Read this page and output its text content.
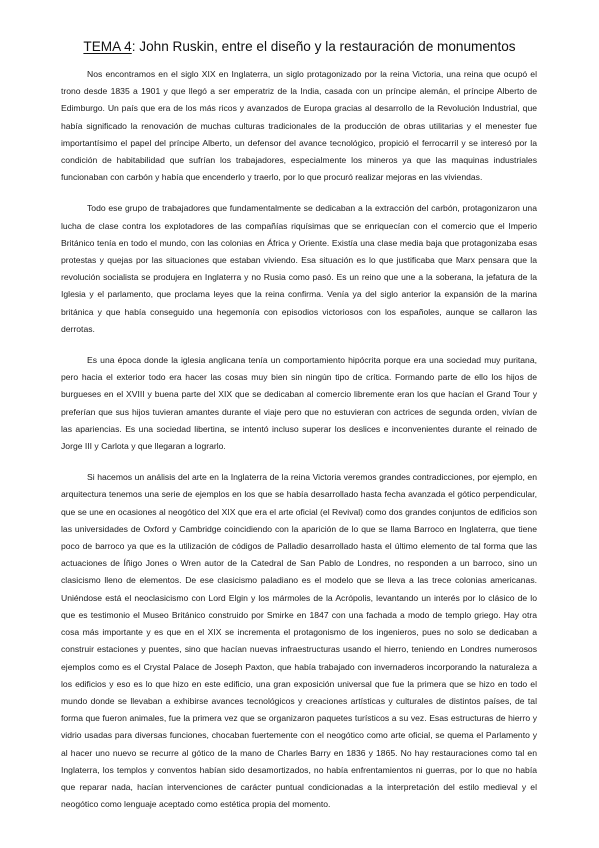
TEMA 4: John Ruskin, entre el diseño y la restauración de monumentos

Nos encontramos en el siglo XIX en Inglaterra, un siglo protagonizado por la reina Victoria, una reina que ocupó el trono desde 1835 a 1901 y que llegó a ser emperatriz de la India, casada con un príncipe alemán, el príncipe Alberto de Edimburgo. Un país que era de los más ricos y avanzados de Europa gracias al desarrollo de la Revolución Industrial, que había significado la renovación de muchas culturas tradicionales de la producción de obras utilitarias y el menester fue importantísimo el papel del príncipe Alberto, un defensor del avance tecnológico, propició el ferrocarril y se interesó por la condición de habitabilidad que sufrían los trabajadores, especialmente los mineros ya que las maquinas industriales funcionaban con carbón y había que encenderlo y traerlo, por lo que procuró realizar mejoras en las viviendas.

Todo ese grupo de trabajadores que fundamentalmente se dedicaban a la extracción del carbón, protagonizaron una lucha de clase contra los explotadores de las compañías riquísimas que se enriquecían con el comercio que el Imperio Británico tenía en todo el mundo, con las colonias en África y Oriente. Existía una clase media baja que protagonizaba esas protestas y quejas por las situaciones que estaban viviendo. Esa situación es lo que justificaba que Marx pensara que la revolución socialista se produjera en Inglaterra y no Rusia como pasó. Es un reino que une a la soberana, la jefatura de la Iglesia y el parlamento, que proclama leyes que la reina confirma. Venía ya del siglo anterior la expansión de la marina británica y que había conseguido una hegemonía con episodios victoriosos con los españoles, aunque se callaron las derrotas.

Es una época donde la iglesia anglicana tenía un comportamiento hipócrita porque era una sociedad muy puritana, pero hacia el exterior todo era hacer las cosas muy bien sin ningún tipo de crítica. Formando parte de ello los hijos de burgueses en el XVIII y buena parte del XIX que se dedicaban al comercio libremente eran los que hacían el Grand Tour y preferían que sus hijos tuvieran amantes durante el viaje pero que no estuvieran con actrices de segunda orden, vivían de las apariencias. Es una sociedad libertina, se intentó incluso superar los deslices e inconvenientes durante el reinado de Jorge III y Carlota y que llegaran a lograrlo.

Si hacemos un análisis del arte en la Inglaterra de la reina Victoria veremos grandes contradicciones, por ejemplo, en arquitectura tenemos una serie de ejemplos en los que se había desarrollado hasta fecha avanzada el gótico perpendicular, que se une en ocasiones al neogótico del XIX que era el arte oficial (el Revival) como dos grandes conjuntos de edificios son las universidades de Oxford y Cambridge coincidiendo con la aparición de lo que se llama Barroco en Inglaterra, que tiene poco de barroco ya que es la utilización de códigos de Palladio desarrollado hasta el último elemento de tal forma que las actuaciones de Íñigo Jones o Wren autor de la Catedral de San Pablo de Londres, no responden a un barroco, sino un clasicismo lleno de elementos. De ese clasicismo paladiano es el modelo que se lleva a las trece colonias americanas. Uniéndose está el neoclasicismo con Lord Elgin y los mármoles de la Acrópolis, levantando un interés por lo clásico de lo que es testimonio el Museo Británico construido por Smirke en 1847 con una fachada a modo de templo griego. Hay otra cosa más importante y es que en el XIX se incrementa el protagonismo de los ingenieros, pues no solo se dedicaban a construir estaciones y puentes, sino que hacían nuevas infraestructuras usando el hierro, teniendo en Londres numerosos ejemplos como es el Crystal Palace de Joseph Paxton, que había trabajado con invernaderos incorporando la naturaleza a los edificios y eso es lo que hizo en este edificio, una gran exposición universal que fue la primera que se hizo en todo el mundo donde se llevaban a exhibirse avances tecnológicos y creaciones artísticas y culturales de distintos países, de tal forma que fueron animales, fue la primera vez que se organizaron paquetes turísticos a su vez. Esas estructuras de hierro y vidrio usadas para diversas funciones, chocaban fuertemente con el neogótico como arte oficial, se quema el Parlamento y al hacer uno nuevo se recurre al gótico de la mano de Charles Barry en 1836 y 1865. No hay restauraciones como tal en Inglaterra, los templos y conventos habían sido desamortizados, no había enfrentamientos ni guerras, por lo que no había que reparar nada, hacían intervenciones de carácter puntual condicionadas a la interpretación del estilo medieval y el neogótico como lenguaje aceptado como estética propia del momento.
